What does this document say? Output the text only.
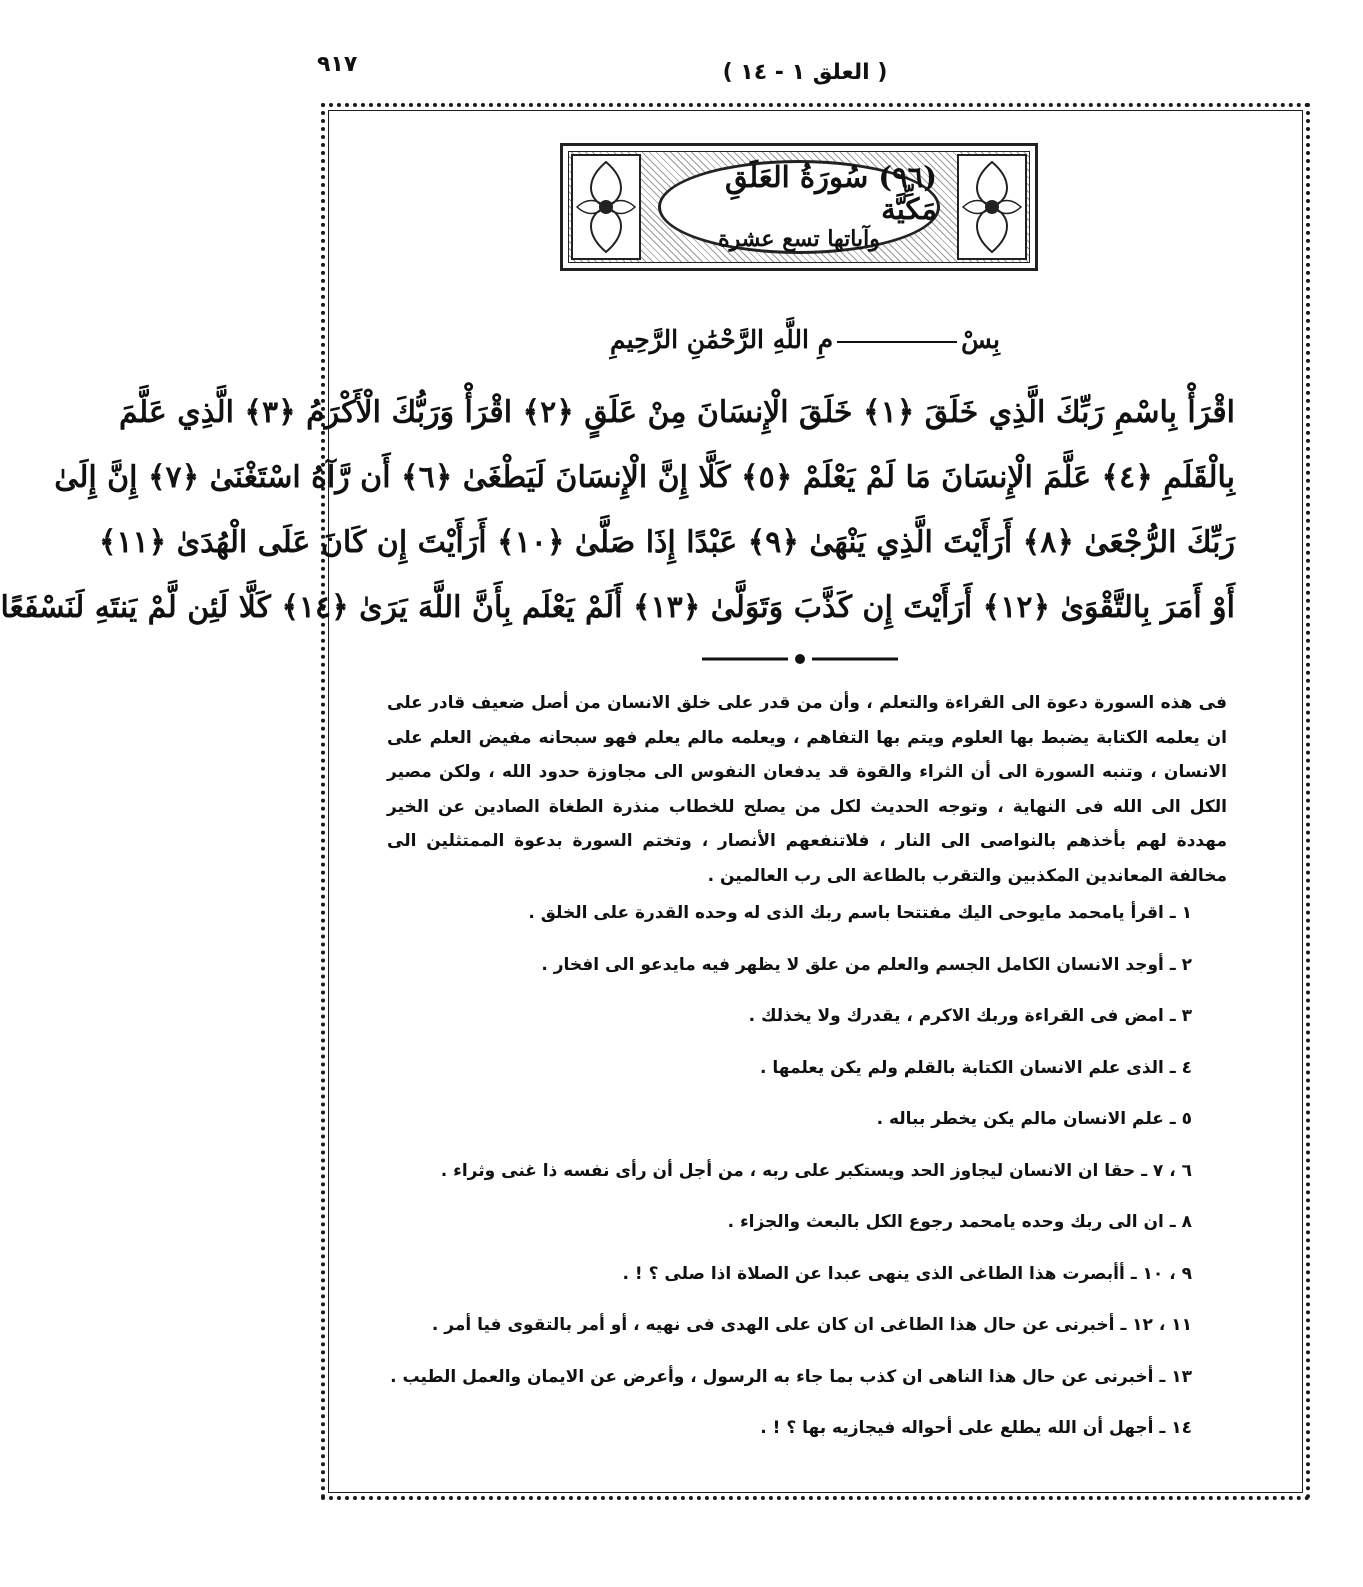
٩١٧	( العلق ١ - ١٤ )
(٩٦) سُورَةُ العَلَقِ مَكِّيَّة
وآياتها تسع عشرة
بِسْمِ اللَّهِ الرَّحْمَٰنِ الرَّحِيمِ
اقْرَأْ بِاسْمِ رَبِّكَ الَّذِي خَلَقَ ﴿١﴾ خَلَقَ الْإِنسَانَ مِنْ عَلَقٍ ﴿٢﴾ اقْرَأْ وَرَبُّكَ الْأَكْرَمُ ﴿٣﴾ الَّذِي عَلَّمَ
بِالْقَلَمِ ﴿٤﴾ عَلَّمَ الْإِنسَانَ مَا لَمْ يَعْلَمْ ﴿٥﴾ كَلَّا إِنَّ الْإِنسَانَ لَيَطْغَىٰ ﴿٦﴾ أَن رَّآهُ اسْتَغْنَىٰ ﴿٧﴾ إِنَّ إِلَىٰ
رَبِّكَ الرُّجْعَىٰ ﴿٨﴾ أَرَأَيْتَ الَّذِي يَنْهَىٰ ﴿٩﴾ عَبْدًا إِذَا صَلَّىٰ ﴿١٠﴾ أَرَأَيْتَ إِن كَانَ عَلَى الْهُدَىٰ ﴿١١﴾
أَوْ أَمَرَ بِالتَّقْوَىٰ ﴿١٢﴾ أَرَأَيْتَ إِن كَذَّبَ وَتَوَلَّىٰ ﴿١٣﴾ أَلَمْ يَعْلَم بِأَنَّ اللَّهَ يَرَىٰ ﴿١٤﴾ كَلَّا لَئِن لَّمْ يَنتَهِ لَنَسْفَعًا
فى هذه السورة دعوة الى القراءة والتعلم ، وأن من قدر على خلق الانسان من أصل ضعيف قادر على ان يعلمه الكتابة يضبط بها العلوم ويتم بها التفاهم ، ويعلمه مالم يعلم فهو سبحانه مفيض العلم على الانسان ، وتنبه السورة الى أن الثراء والقوة قد يدفعان النفوس الى مجاوزة حدود الله ، ولكن مصير الكل الى الله فى النهاية ، وتوجه الحديث لكل من يصلح للخطاب منذرة الطغاة الصادين عن الخير مهددة لهم بأخذهم بالنواصى الى النار ، فلاتنفعهم الأنصار ، وتختم السورة بدعوة الممتثلين الى مخالفة المعاندين المكذبين والتقرب بالطاعة الى رب العالمين .
١ ـاقرأ يامحمد مايوحى اليك مفتتحا باسم ربك الذى له وحده القدرة على الخلق .
٢ ـأوجد الانسان الكامل الجسم والعلم من علق لا يظهر فيه مايدعو الى افخار .
٣ ـامض فى القراءة وربك الاكرم ، يقدرك ولا يخذلك .
٤ ـالذى علم الانسان الكتابة بالقلم ولم يكن يعلمها .
٥ ـعلم الانسان مالم يكن يخطر بباله .
٦ ، ٧ ـحقا ان الانسان ليجاوز الحد ويستكبر على ربه ، من أجل أن رأى نفسه ذا غنى وثراء .
٨ ـان الى ربك وحده يامحمد رجوع الكل بالبعث والجزاء .
٩ ، ١٠ ـأأبصرت هذا الطاغى الذى ينهى عبدا عن الصلاة اذا صلى ؟ ! .
١١ ، ١٢ ـأخبرنى عن حال هذا الطاغى ان كان على الهدى فى نهيه ، أو أمر بالتقوى فيا أمر .
١٣ ـأخبرنى عن حال هذا الناهى ان كذب بما جاء به الرسول ، وأعرض عن الايمان والعمل الطيب .
١٤ ـأجهل أن الله يطلع على أحواله فيجازيه بها ؟ ! .
